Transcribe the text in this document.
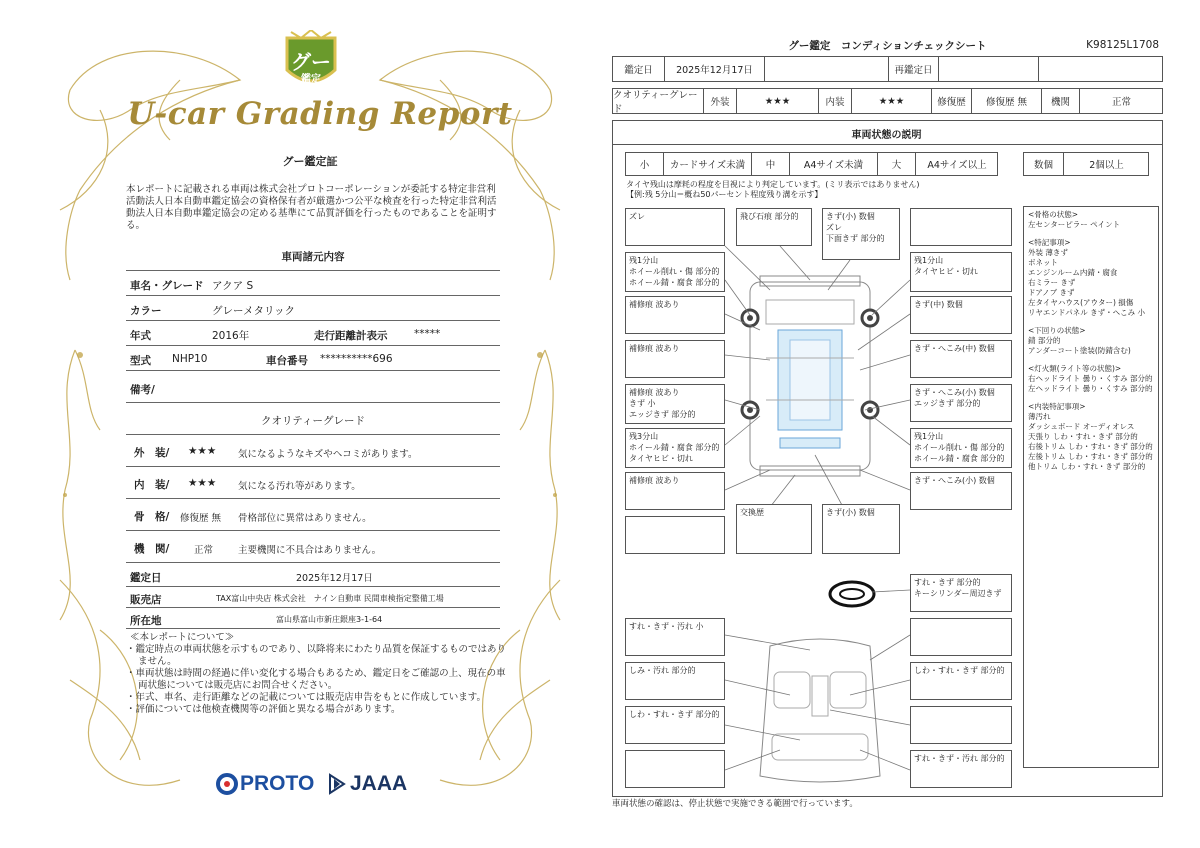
グー
鑑定
U-car Grading Report
グー鑑定証
本レポートに記載される車両は株式会社プロトコーポレーションが委託する特定非営利活動法人日本自動車鑑定協会の資格保有者が厳選かつ公平な検査を行った特定非営利活動法人日本自動車鑑定協会の定める基準にて品質評価を行ったものであることを証明する。
車両諸元内容
車名・グレード アクア S
カラー	グレーメタリック
年式	2016年	走行距離計表示	*****
型式 NHP10	車台番号 **********696
備考/
クオリティーグレード
外　装/ ★★★ 気になるようなキズやヘコミがあります。
内　装/ ★★★ 気になる汚れ等があります。
骨　格/ 修復歴 無 骨格部位に異常はありません。
機　関/	正常	主要機関に不具合はありません。
鑑定日	2025年12月17日
販売店	TAX富山中央店 株式会社　ナイン自動車 民間車検指定整備工場
所在地	富山県富山市新庄銀座3-1-64
≪本レポートについて≫
・鑑定時点の車両状態を示すものであり、以降将来にわたり品質を保証するものではありません。
・車両状態は時間の経過に伴い変化する場合もあるため、鑑定日をご確認の上、現在の車両状態については販売店にお問合せください。
・年式、車名、走行距離などの記載については販売店申告をもとに作成しています。
・評価については他検査機関等の評価と異なる場合があります。
PROTO JAAA
グー鑑定　コンディションチェックシート	K98125L1708
鑑定日	2025年12月17日	再鑑定日
クオリティーグレード
外装	★★★	内装	★★★	修復歴	修復歴 無	機関	正常
車両状態の説明
小	カードサイズ未満	中	A4サイズ未満	大	A4サイズ以上	数個	2個以上
タイヤ残山は摩耗の程度を目視により判定しています。(ミリ表示ではありません)
【例:残 5分山＝概ね50パーセント程度残り溝を示す】
ズレ	飛び石痕 部分的	きず(小) 数個
ズレ
下面きず 部分的
残1分山
ホイール削れ・傷 部分的
ホイール錆・腐食 部分的
残1分山
タイヤヒビ・切れ
補修痕 波あり	きず(中) 数個
補修痕 波あり	きず・へこみ(中) 数個
補修痕 波あり
きず 小
エッジきず 部分的
きず・へこみ(小) 数個
エッジきず 部分的
残3分山
ホイール錆・腐食 部分的
タイヤヒビ・切れ
残1分山
ホイール削れ・傷 部分的
ホイール錆・腐食 部分的
補修痕 波あり	きず・へこみ(小) 数個
交換歴	きず(小) 数個
すれ・きず 部分的
キーシリンダー周辺きず
すれ・きず・汚れ 小
しみ・汚れ 部分的	しわ・すれ・きず 部分的
しわ・すれ・きず 部分的
すれ・きず・汚れ 部分的
<骨格の状態>
左センターピラー ペイント
<特記事項>
外装 薄きず
ボネット
エンジンルーム内錆・腐食
右ミラー きず
ドアノブ きず
左タイヤハウス(アウター) 損傷
リヤエンドパネル きず・へこみ 小
<下回りの状態>
錆 部分的
アンダーコート塗装(防錆含む)
<灯火類(ライト等の状態)>
右ヘッドライト 曇り・くすみ 部分的
左ヘッドライト 曇り・くすみ 部分的
<内装特記事項>
薄汚れ
ダッシュボード オーディオレス
天張り しわ・すれ・きず 部分的
右後トリム しわ・すれ・きず 部分的
左後トリム しわ・すれ・きず 部分的
他トリム しわ・すれ・きず 部分的
車両状態の確認は、停止状態で実施できる範囲で行っています。
